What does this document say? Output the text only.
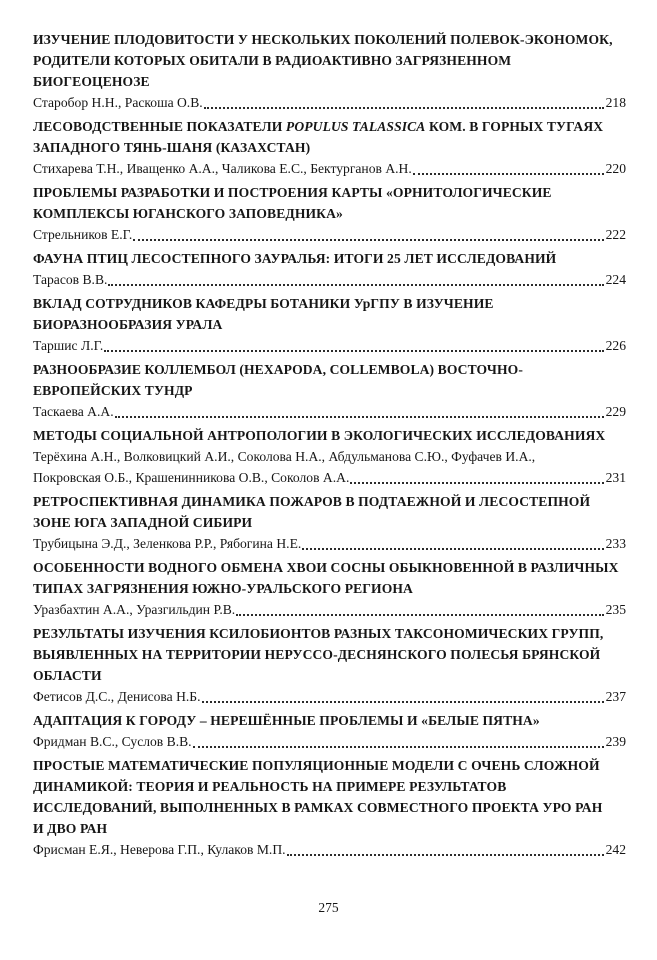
ИЗУЧЕНИЕ ПЛОДОВИТОСТИ У НЕСКОЛЬКИХ ПОКОЛЕНИЙ ПОЛЕВОК-ЭКОНОМОК,
РОДИТЕЛИ КОТОРЫХ ОБИТАЛИ В РАДИОАКТИВНО ЗАГРЯЗНЕННОМ
БИОГЕОЦЕНОЗЕ
Старобор Н.Н., Раскоша О.В.	218
ЛЕСОВОДСТВЕННЫЕ ПОКАЗАТЕЛИ POPULUS TALASSICA КОМ. В ГОРНЫХ ТУГАЯХ
ЗАПАДНОГО ТЯНЬ-ШАНЯ (КАЗАХСТАН)
Стихарева Т.Н., Иващенко А.А., Чаликова Е.С., Бектурганов А.Н.	220
ПРОБЛЕМЫ РАЗРАБОТКИ И ПОСТРОЕНИЯ КАРТЫ «ОРНИТОЛОГИЧЕСКИЕ
КОМПЛЕКСЫ ЮГАНСКОГО ЗАПОВЕДНИКА»
Стрельников Е.Г.	222
ФАУНА ПТИЦ ЛЕСОСТЕПНОГО ЗАУРАЛЬЯ: ИТОГИ 25 ЛЕТ ИССЛЕДОВАНИЙ
Тарасов В.В.	224
ВКЛАД СОТРУДНИКОВ КАФЕДРЫ БОТАНИКИ УрГПУ В ИЗУЧЕНИЕ
БИОРАЗНООБРАЗИЯ УРАЛА
Таршис Л.Г.	226
РАЗНООБРАЗИЕ КОЛЛЕМБОЛ (HEXAPODA, COLLEMBOLA) ВОСТОЧНО-
ЕВРОПЕЙСКИХ ТУНДР
Таскаева А.А.	229
МЕТОДЫ СОЦИАЛЬНОЙ АНТРОПОЛОГИИ В ЭКОЛОГИЧЕСКИХ ИССЛЕДОВАНИЯХ
Терёхина А.Н., Волковицкий А.И., Соколова Н.А., Абдульманова С.Ю., Фуфачев И.А.,
Покровская О.Б., Крашенинникова О.В., Соколов А.А.	231
РЕТРОСПЕКТИВНАЯ ДИНАМИКА ПОЖАРОВ В ПОДТАЕЖНОЙ И ЛЕСОСТЕПНОЙ
ЗОНЕ ЮГА ЗАПАДНОЙ СИБИРИ
Трубицына Э.Д., Зеленкова Р.Р., Рябогина Н.Е.	233
ОСОБЕННОСТИ ВОДНОГО ОБМЕНА ХВОИ СОСНЫ ОБЫКНОВЕННОЙ В РАЗЛИЧНЫХ
ТИПАХ ЗАГРЯЗНЕНИЯ ЮЖНО-УРАЛЬСКОГО РЕГИОНА
Уразбахтин А.А., Уразгильдин Р.В.	235
РЕЗУЛЬТАТЫ ИЗУЧЕНИЯ КСИЛОБИОНТОВ РАЗНЫХ ТАКСОНОМИЧЕСКИХ ГРУПП,
ВЫЯВЛЕННЫХ НА ТЕРРИТОРИИ НЕРУССО-ДЕСНЯНСКОГО ПОЛЕСЬЯ БРЯНСКОЙ
ОБЛАСТИ
Фетисов Д.С., Денисова Н.Б.	237
АДАПТАЦИЯ К ГОРОДУ – НЕРЕШЁННЫЕ ПРОБЛЕМЫ И «БЕЛЫЕ ПЯТНА»
Фридман В.С., Суслов В.В.	239
ПРОСТЫЕ МАТЕМАТИЧЕСКИЕ ПОПУЛЯЦИОННЫЕ МОДЕЛИ С ОЧЕНЬ СЛОЖНОЙ
ДИНАМИКОЙ: ТЕОРИЯ И РЕАЛЬНОСТЬ НА ПРИМЕРЕ РЕЗУЛЬТАТОВ
ИССЛЕДОВАНИЙ, ВЫПОЛНЕННЫХ В РАМКАХ СОВМЕСТНОГО ПРОЕКТА УРО РАН
И ДВО РАН
Фрисман Е.Я., Неверова Г.П., Кулаков М.П.	242
275
